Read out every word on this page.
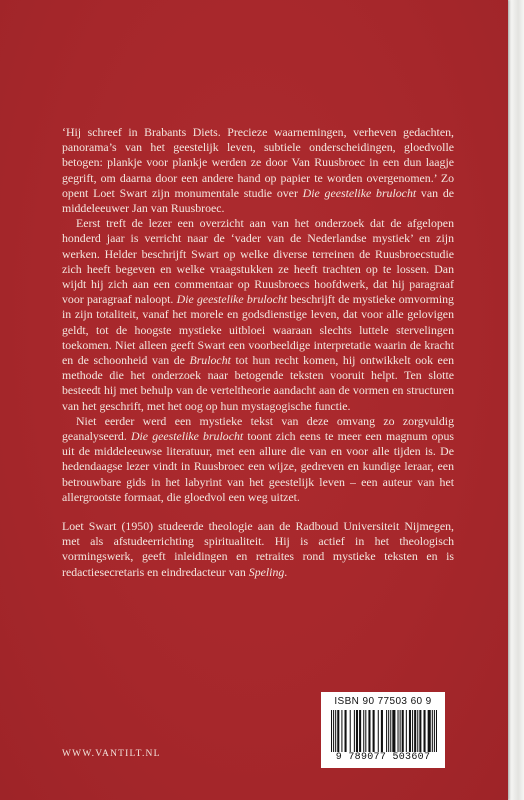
‘Hij schreef in Brabants Diets. Precieze waarnemingen, verheven gedachten, panorama’s van het geestelijk leven, subtiele onderscheidingen, gloedvolle betogen: plankje voor plankje werden ze door Van Ruusbroec in een dun laagje gegrift, om daarna door een andere hand op papier te worden overgenomen.’ Zo opent Loet Swart zijn monumentale studie over Die geestelike brulocht van de middeleeuwer Jan van Ruusbroec.

Eerst treft de lezer een overzicht aan van het onderzoek dat de afgelopen honderd jaar is verricht naar de ‘vader van de Nederlandse mystiek’ en zijn werken. Helder beschrijft Swart op welke diverse terreinen de Ruusbroecstudie zich heeft begeven en welke vraagstukken ze heeft trachten op te lossen. Dan wijdt hij zich aan een commentaar op Ruusbroecs hoofdwerk, dat hij paragraaf voor paragraaf naloopt. Die geestelike brulocht beschrijft de mystieke omvorming in zijn totaliteit, vanaf het morele en godsdienstige leven, dat voor alle gelovigen geldt, tot de hoogste mystieke uitbloei waaraan slechts luttele stervelingen toekomen. Niet alleen geeft Swart een voorbeeldige interpretatie waarin de kracht en de schoonheid van de Brulocht tot hun recht komen, hij ontwikkelt ook een methode die het onderzoek naar betogende teksten vooruit helpt. Ten slotte besteedt hij met behulp van de verteltheorie aandacht aan de vormen en structuren van het geschrift, met het oog op hun mystagogische functie.

Niet eerder werd een mystieke tekst van deze omvang zo zorgvuldig geanalyseerd. Die geestelike brulocht toont zich eens te meer een magnum opus uit de middeleeuwse literatuur, met een allure die van en voor alle tijden is. De hedendaagse lezer vindt in Ruusbroec een wijze, gedreven en kundige leraar, een betrouwbare gids in het labyrint van het geestelijk leven – een auteur van het allergrootste formaat, die gloedvol een weg uitzet.

Loet Swart (1950) studeerde theologie aan de Radboud Universiteit Nijmegen, met als afstudeerrichting spiritualiteit. Hij is actief in het theologisch vormingswerk, geeft inleidingen en retraites rond mystieke teksten en is redactiesecretaris en eindredacteur van Speling.

ISBN 90 77503 60 9
9 789077 503607
WWW.VANTILT.NL
